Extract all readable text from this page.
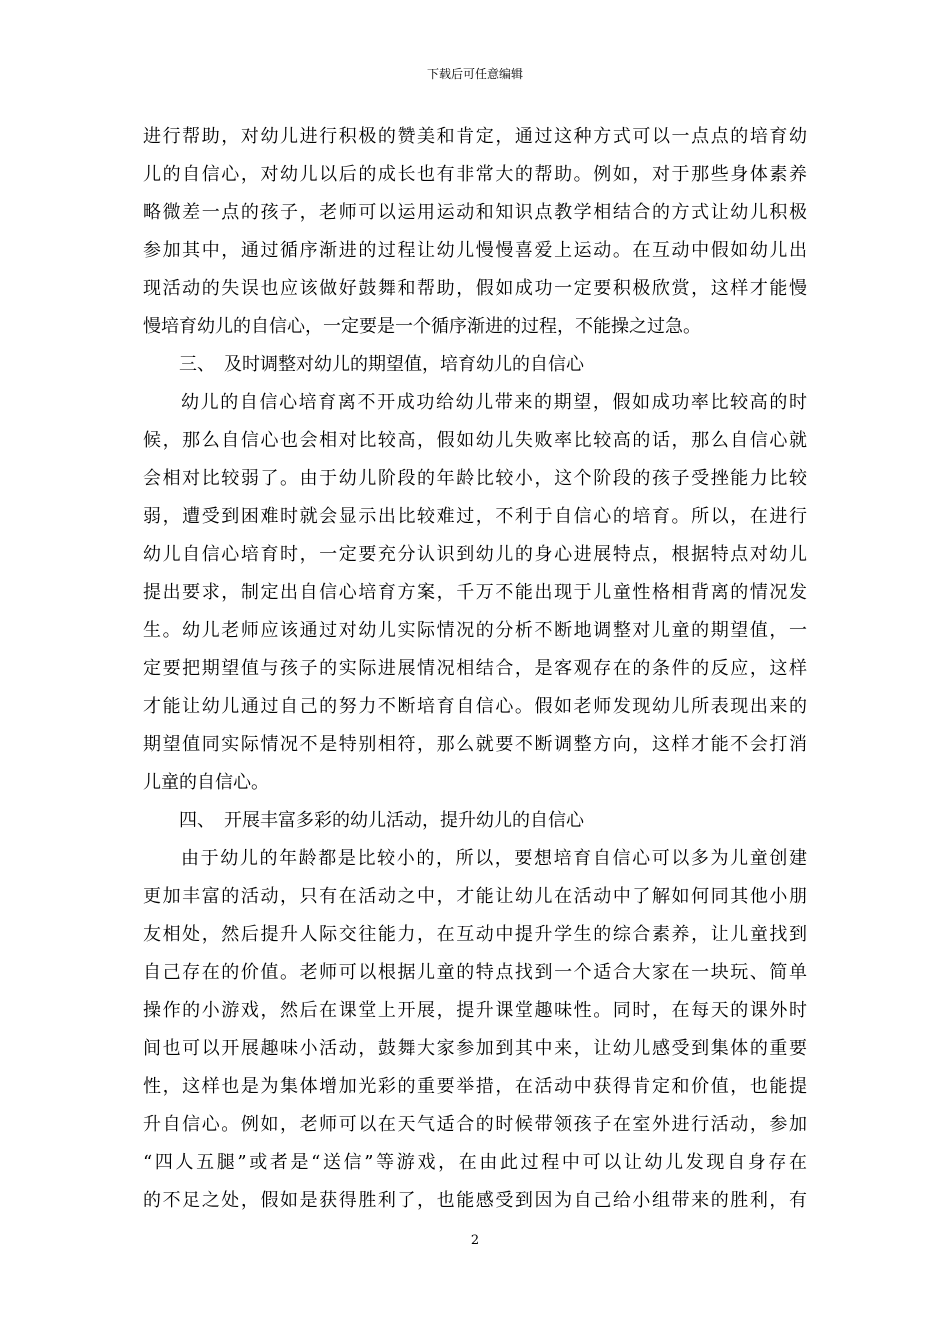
下载后可任意编辑
进行帮助，对幼儿进行积极的赞美和肯定，通过这种方式可以一点点的培育幼
儿的自信心，对幼儿以后的成长也有非常大的帮助。例如，对于那些身体素养
略微差一点的孩子，老师可以运用运动和知识点教学相结合的方式让幼儿积极
参加其中，通过循序渐进的过程让幼儿慢慢喜爱上运动。在互动中假如幼儿出
现活动的失误也应该做好鼓舞和帮助，假如成功一定要积极欣赏，这样才能慢
慢培育幼儿的自信心，一定要是一个循序渐进的过程，不能操之过急。
三、　及时调整对幼儿的期望值，培育幼儿的自信心
幼儿的自信心培育离不开成功给幼儿带来的期望，假如成功率比较高的时
候，那么自信心也会相对比较高，假如幼儿失败率比较高的话，那么自信心就
会相对比较弱了。由于幼儿阶段的年龄比较小，这个阶段的孩子受挫能力比较
弱，遭受到困难时就会显示出比较难过，不利于自信心的培育。所以，在进行
幼儿自信心培育时，一定要充分认识到幼儿的身心进展特点，根据特点对幼儿
提出要求，制定出自信心培育方案，千万不能出现于儿童性格相背离的情况发
生。幼儿老师应该通过对幼儿实际情况的分析不断地调整对儿童的期望值，一
定要把期望值与孩子的实际进展情况相结合，是客观存在的条件的反应，这样
才能让幼儿通过自己的努力不断培育自信心。假如老师发现幼儿所表现出来的
期望值同实际情况不是特别相符，那么就要不断调整方向，这样才能不会打消
儿童的自信心。
四、　开展丰富多彩的幼儿活动，提升幼儿的自信心
由于幼儿的年龄都是比较小的，所以，要想培育自信心可以多为儿童创建
更加丰富的活动，只有在活动之中，才能让幼儿在活动中了解如何同其他小朋
友相处，然后提升人际交往能力，在互动中提升学生的综合素养，让儿童找到
自己存在的价值。老师可以根据儿童的特点找到一个适合大家在一块玩、简单
操作的小游戏，然后在课堂上开展，提升课堂趣味性。同时，在每天的课外时
间也可以开展趣味小活动，鼓舞大家参加到其中来，让幼儿感受到集体的重要
性，这样也是为集体增加光彩的重要举措，在活动中获得肯定和价值，也能提
升自信心。例如，老师可以在天气适合的时候带领孩子在室外进行活动，参加
“四人五腿”或者是“送信”等游戏，在由此过程中可以让幼儿发现自身存在
的不足之处，假如是获得胜利了，也能感受到因为自己给小组带来的胜利，有
2
